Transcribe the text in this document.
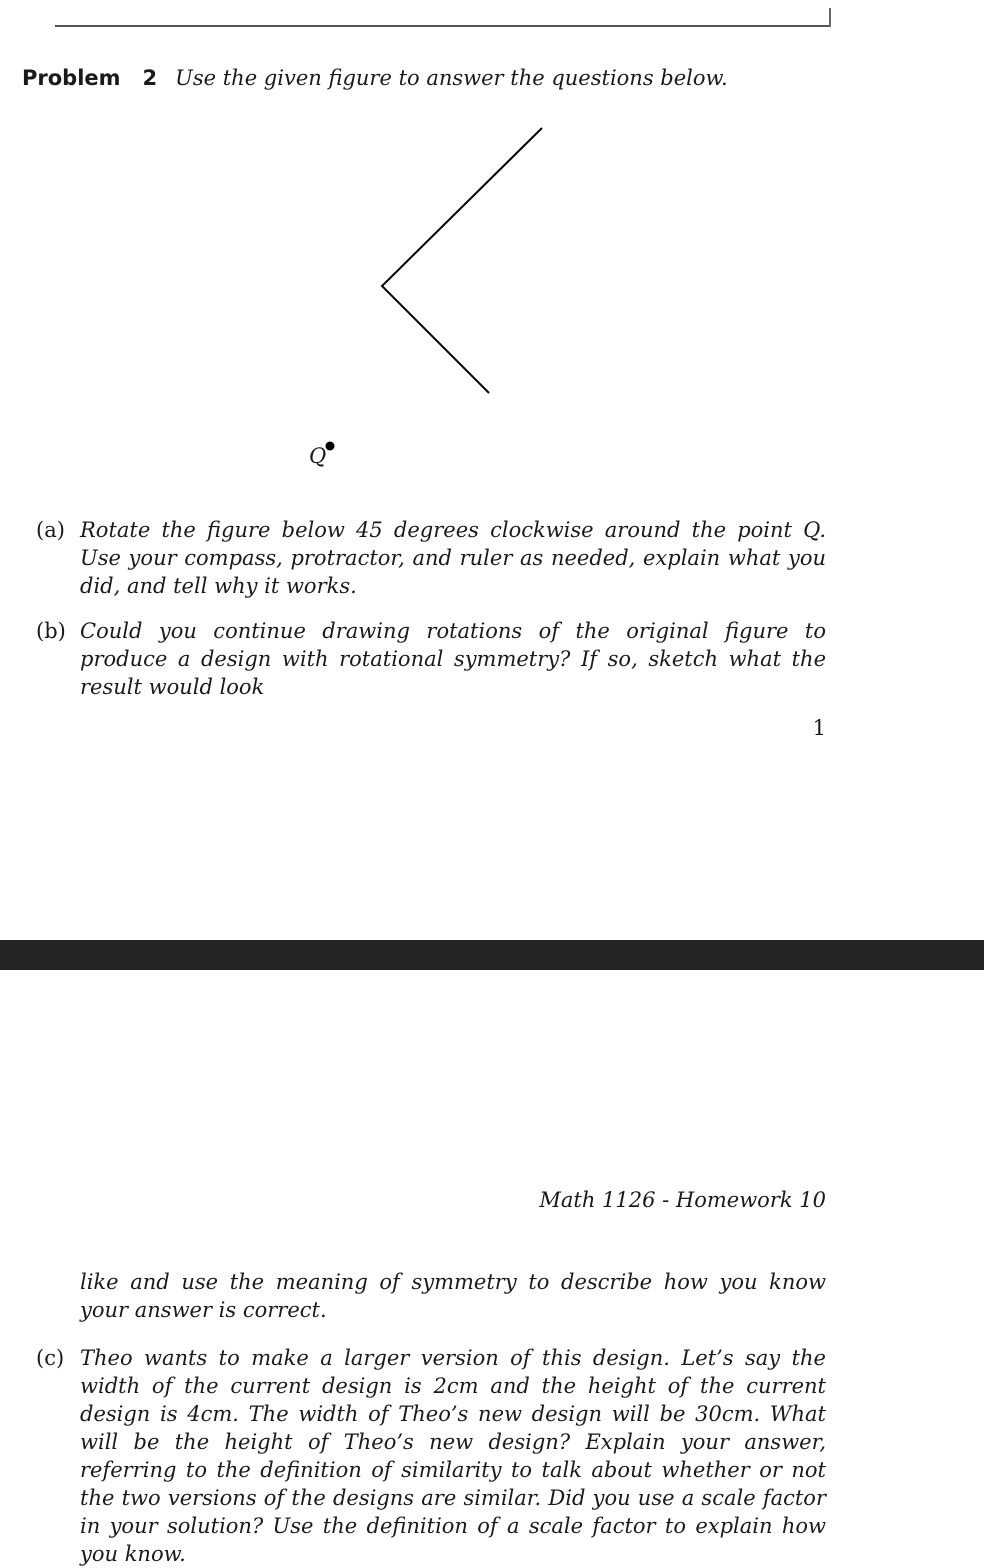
Problem 2 Use the given figure to answer the questions below.
Q
(a) Rotate the figure below 45 degrees clockwise around the point Q. Use your compass, protractor, and ruler as needed, explain what you did, and tell why it works.
(b) Could you continue drawing rotations of the original figure to produce a design with rotational symmetry? If so, sketch what the result would look
1
Math 1126 - Homework 10
like and use the meaning of symmetry to describe how you know your answer is correct.
(c) Theo wants to make a larger version of this design. Let’s say the width of the current design is 2cm and the height of the current design is 4cm. The width of Theo’s new design will be 30cm. What will be the height of Theo’s new design? Explain your answer, referring to the definition of similarity to talk about whether or not the two versions of the designs are similar. Did you use a scale factor in your solution? Use the definition of a scale factor to explain how you know.
